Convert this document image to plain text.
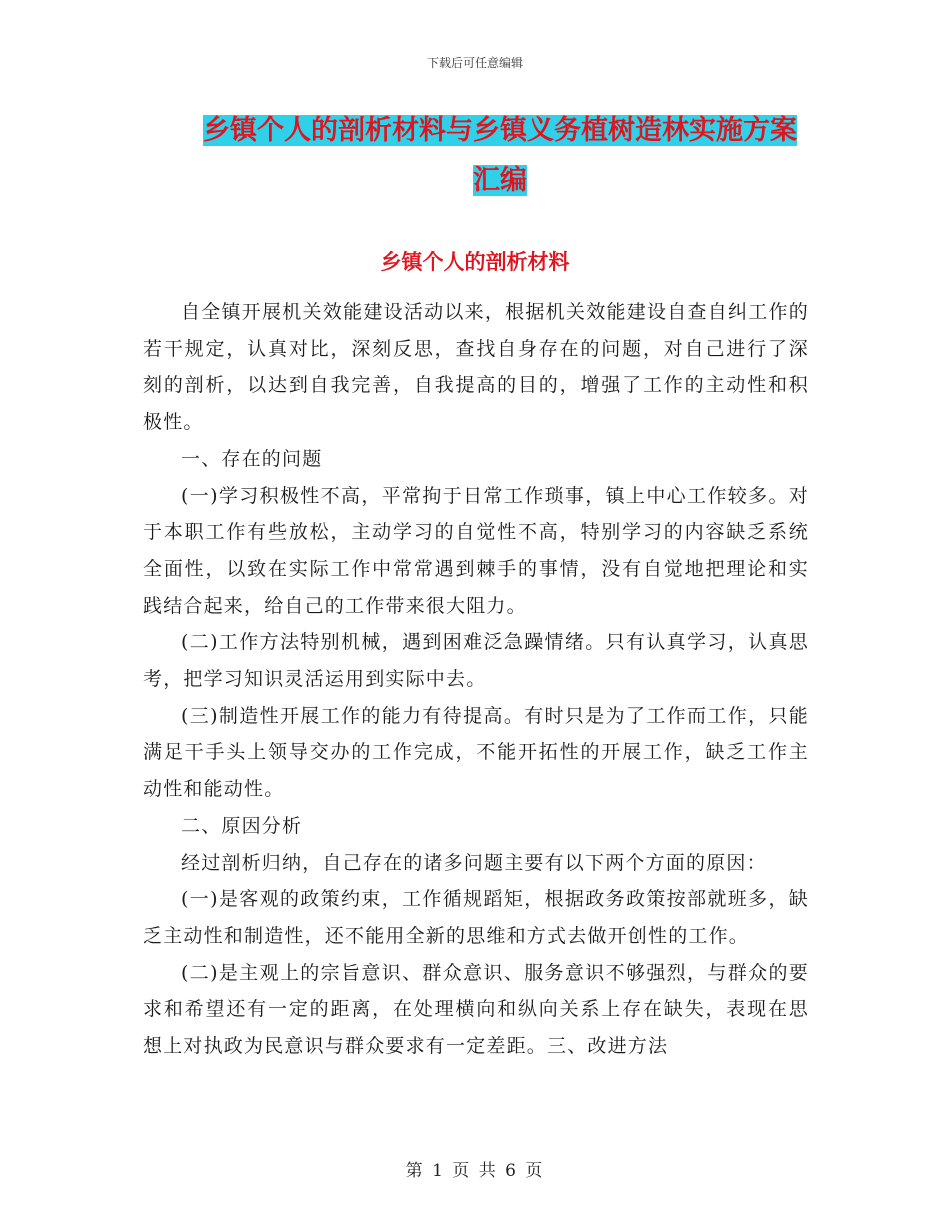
下载后可任意编辑
乡镇个人的剖析材料与乡镇义务植树造林实施方案汇编
乡镇个人的剖析材料

自全镇开展机关效能建设活动以来，根据机关效能建设自查自纠工作的若干规定，认真对比，深刻反思，查找自身存在的问题，对自己进行了深刻的剖析，以达到自我完善，自我提高的目的，增强了工作的主动性和积极性。

一、存在的问题

(一)学习积极性不高，平常拘于日常工作琐事，镇上中心工作较多。对于本职工作有些放松，主动学习的自觉性不高，特别学习的内容缺乏系统全面性，以致在实际工作中常常遇到棘手的事情，没有自觉地把理论和实践结合起来，给自己的工作带来很大阻力。

(二)工作方法特别机械，遇到困难泛急躁情绪。只有认真学习，认真思考，把学习知识灵活运用到实际中去。

(三)制造性开展工作的能力有待提高。有时只是为了工作而工作，只能满足干手头上领导交办的工作完成，不能开拓性的开展工作，缺乏工作主动性和能动性。

二、原因分析

经过剖析归纳，自己存在的诸多问题主要有以下两个方面的原因：

(一)是客观的政策约束，工作循规蹈矩，根据政务政策按部就班多，缺乏主动性和制造性，还不能用全新的思维和方式去做开创性的工作。

(二)是主观上的宗旨意识、群众意识、服务意识不够强烈，与群众的要求和希望还有一定的距离，在处理横向和纵向关系上存在缺失，表现在思想上对执政为民意识与群众要求有一定差距。三、改进方法

第 1 页 共 6 页
